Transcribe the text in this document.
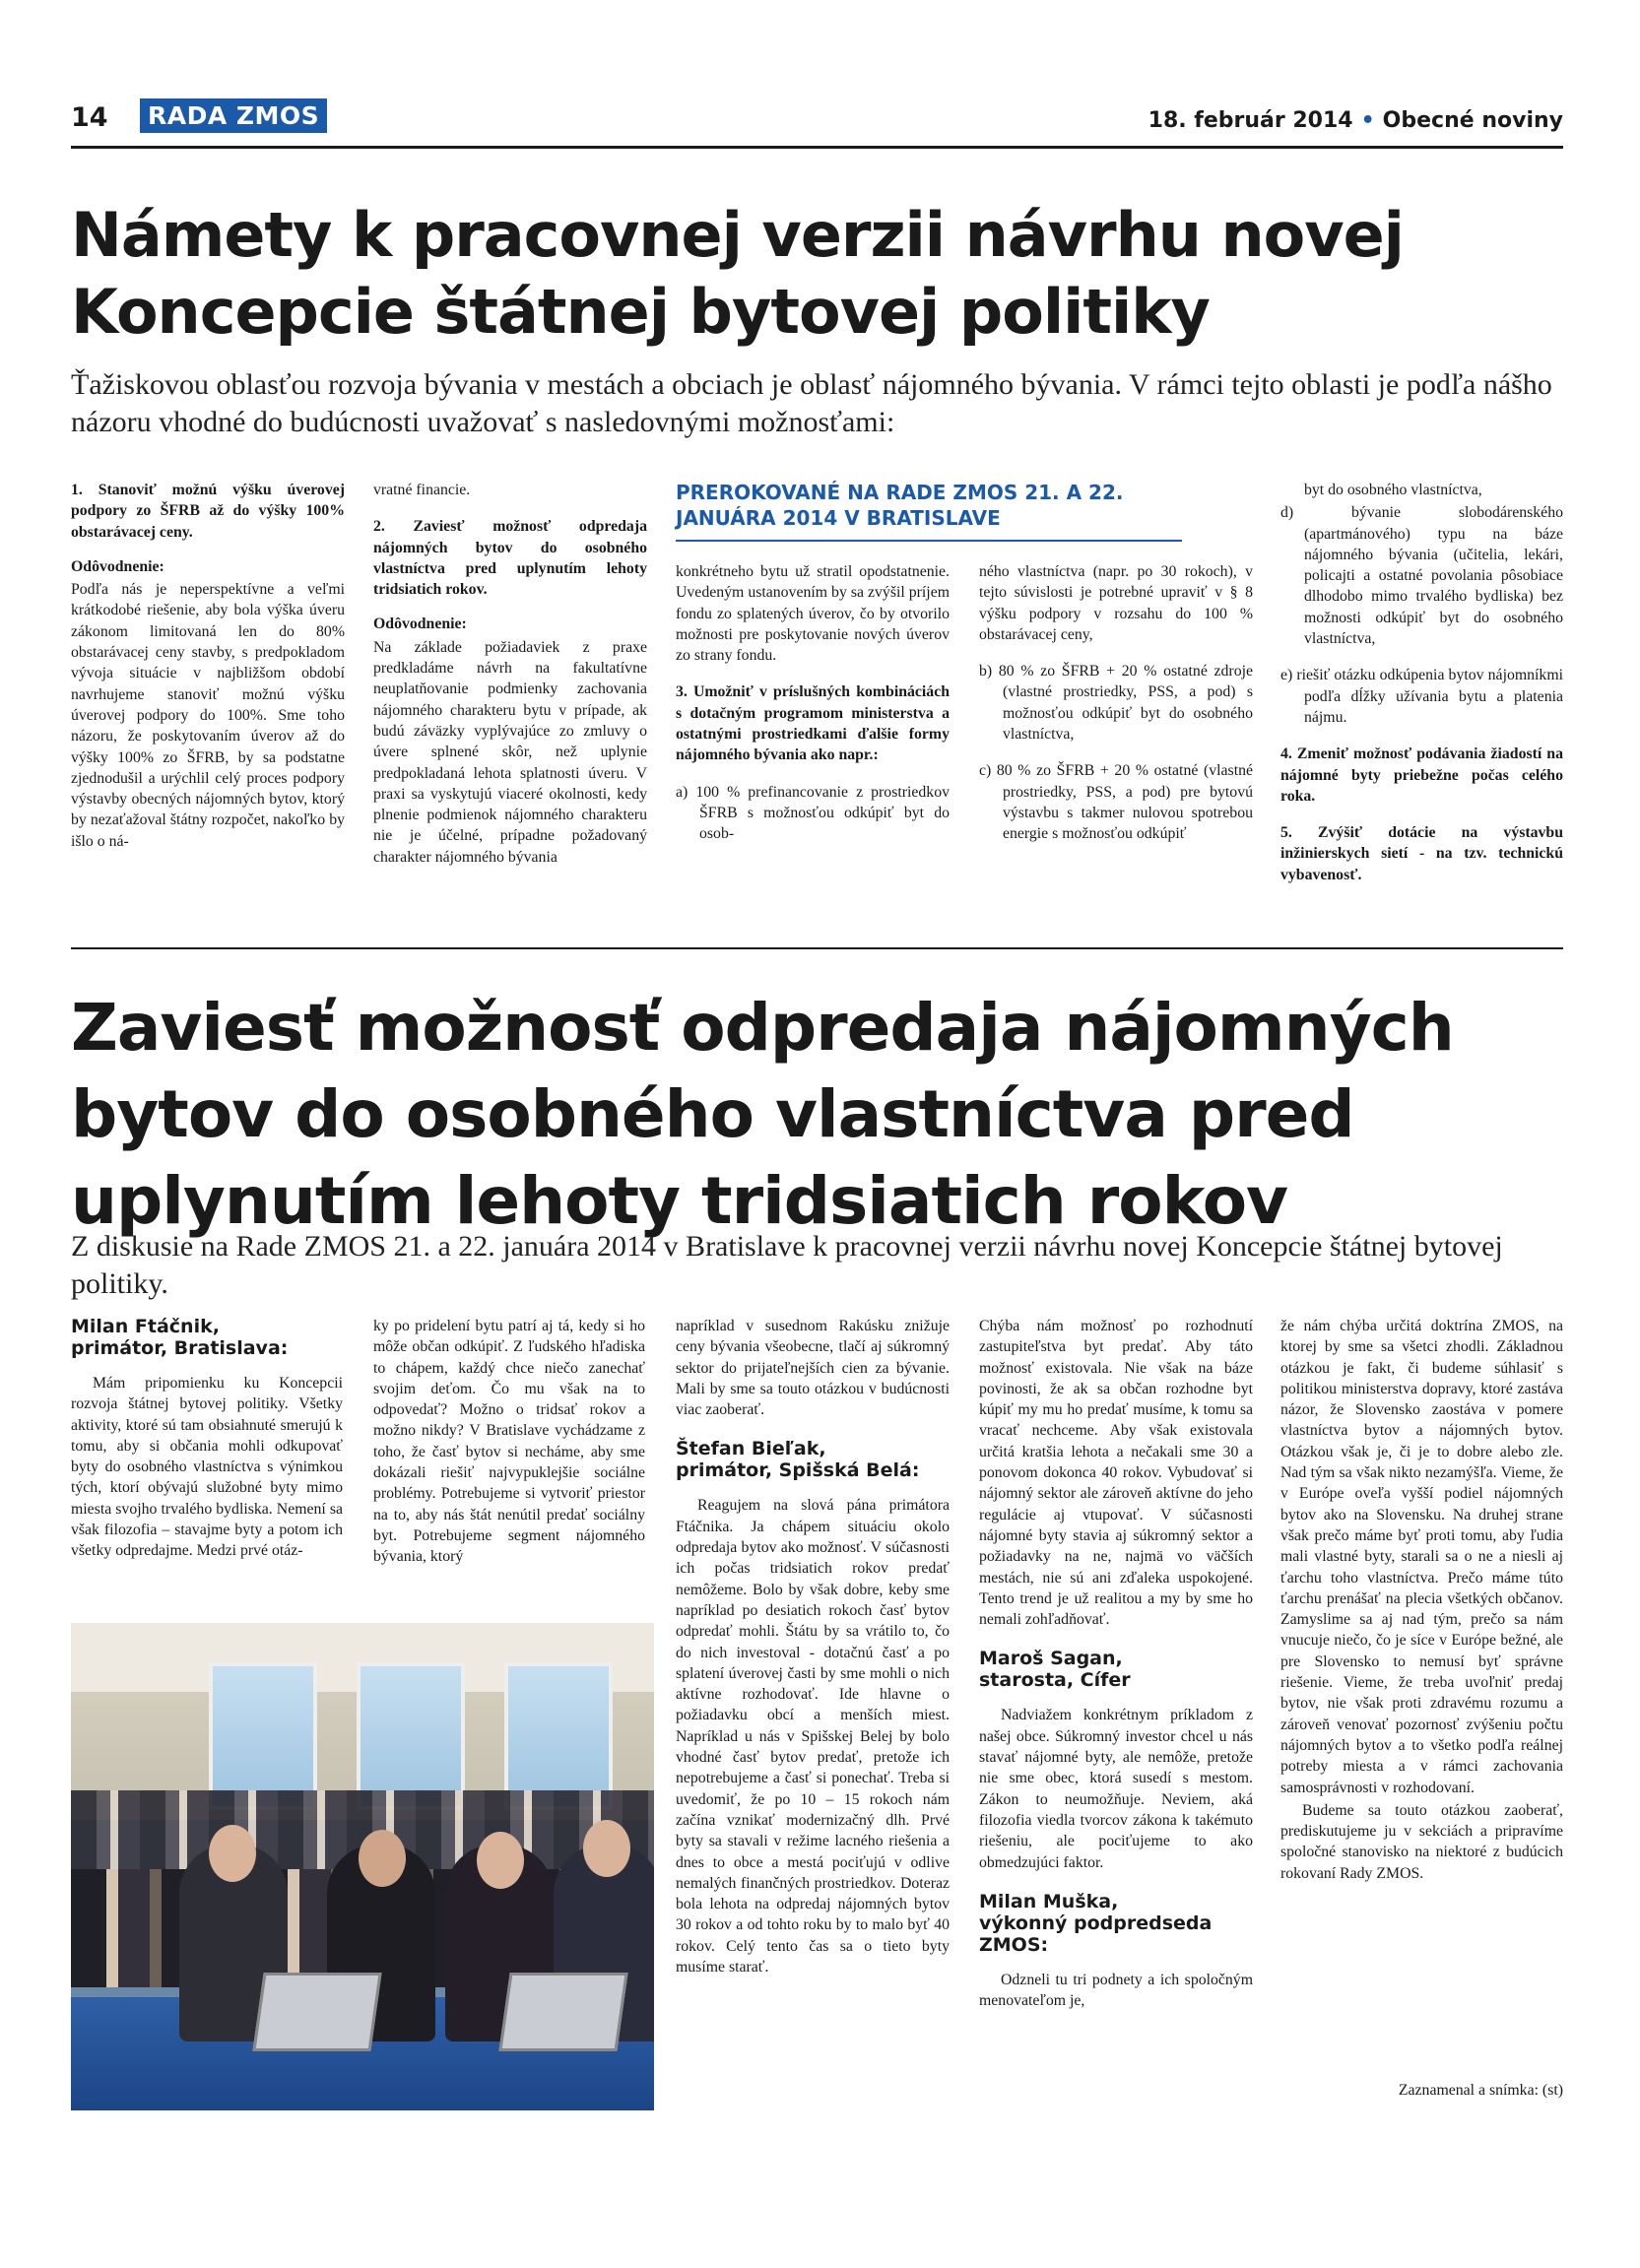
14	RADA ZMOS	18. február 2014 • Obecné noviny
Námety k pracovnej verzii návrhu novej
Koncepcie štátnej bytovej politiky
Ťažiskovou oblasťou rozvoja bývania v mestách a obciach je oblasť nájomného bývania. V rámci tejto oblasti je podľa nášho názoru vhodné do budúcnosti uvažovať s nasledovnými možnosťami:

1. Stanoviť možnú výšku úverovej podpory zo ŠFRB až do výšky 100% obstarávacej ceny.

Odôvodnenie:

Podľa nás je neperspektívne a veľmi krátkodobé riešenie, aby bola výška úveru zákonom limitovaná len do 80% obstarávacej ceny stavby, s predpokladom vývoja situácie v najbližšom období navrhujeme stanoviť možnú výšku úverovej podpory do 100%. Sme toho názoru, že poskytovaním úverov až do výšky 100% zo ŠFRB, by sa podstatne zjednodušil a urýchlil celý proces podpory výstavby obecných nájomných bytov, ktorý by nezaťažoval štátny rozpočet, nakoľko by išlo o ná-

vratné financie.

2. Zaviesť možnosť odpredaja nájomných bytov do osobného vlastníctva pred uplynutím lehoty tridsiatich rokov.

Odôvodnenie:

Na základe požiadaviek z praxe predkladáme návrh na fakultatívne neuplatňovanie podmienky zachovania nájomného charakteru bytu v prípade, ak budú záväzky vyplývajúce zo zmluvy o úvere splnené skôr, než uplynie predpokladaná lehota splatnosti úveru. V praxi sa vyskytujú viaceré okolnosti, kedy plnenie podmienok nájomného charakteru nie je účelné, prípadne požadovaný charakter nájomného bývania

PREROKOVANÉ NA RADE ZMOS 21. A 22. JANUÁRA 2014 V BRATISLAVE

konkrétneho bytu už stratil opodstatnenie. Uvedeným ustanovením by sa zvýšil príjem fondu zo splatených úverov, čo by otvorilo možnosti pre poskytovanie nových úverov zo strany fondu.

3. Umožniť v príslušných kombináciách s dotačným programom ministerstva a ostatnými prostriedkami ďalšie formy nájomného bývania ako napr.:

a) 100 % prefinancovanie z prostriedkov ŠFRB s možnosťou odkúpiť byt do osob-

ného vlastníctva (napr. po 30 rokoch), v tejto súvislosti je potrebné upraviť v § 8 výšku podpory v rozsahu do 100 % obstarávacej ceny,

b) 80 % zo ŠFRB + 20 % ostatné zdroje (vlastné prostriedky, PSS, a pod) s možnosťou odkúpiť byt do osobného vlastníctva,

c) 80 % zo ŠFRB + 20 % ostatné (vlastné prostriedky, PSS, a pod) pre bytovú výstavbu s takmer nulovou spotrebou energie s možnosťou odkúpiť

byt do osobného vlastníctva,

d) bývanie slobodárenského (apartmánového) typu na báze nájomného bývania (učitelia, lekári, policajti a ostatné povolania pôsobiace dlhodobo mimo trvalého bydliska) bez možnosti odkúpiť byt do osobného vlastníctva,

e) riešiť otázku odkúpenia bytov nájomníkmi podľa dĺžky užívania bytu a platenia nájmu.

4. Zmeniť možnosť podávania žiadostí na nájomné byty priebežne počas celého roka.

5. Zvýšiť dotácie na výstavbu inžinierskych sietí - na tzv. technickú vybavenosť.

Zaviesť možnosť odpredaja nájomných
bytov do osobného vlastníctva pred
uplynutím lehoty tridsiatich rokov
Z diskusie na Rade ZMOS 21. a 22. januára 2014 v Bratislave k pracovnej verzii návrhu novej Koncepcie štátnej bytovej politiky.
Milan Ftáčnik,
primátor, Bratislava:

Mám pripomienku ku Koncepcii rozvoja štátnej bytovej politiky. Všetky aktivity, ktoré sú tam obsiahnuté smerujú k tomu, aby si občania mohli odkupovať byty do osobného vlastníctva s výnimkou tých, ktorí obývajú služobné byty mimo miesta svojho trvalého bydliska. Nemení sa však filozofia – stavajme byty a potom ich všetky odpredajme. Medzi prvé otáz-

ky po pridelení bytu patrí aj tá, kedy si ho môže občan odkúpiť. Z ľudského hľadiska to chápem, každý chce niečo zanechať svojim deťom. Čo mu však na to odpovedať? Možno o tridsať rokov a možno nikdy? V Bratislave vychádzame z toho, že časť bytov si necháme, aby sme dokázali riešiť najvypuklejšie sociálne problémy. Potrebujeme si vytvoriť priestor na to, aby nás štát nenútil predať sociálny byt. Potrebujeme segment nájomného bývania, ktorý

napríklad v susednom Rakúsku znižuje ceny bývania všeobecne, tlačí aj súkromný sektor do prijateľnejších cien za bývanie. Mali by sme sa touto otázkou v budúcnosti viac zaoberať.

Štefan Bieľak,
primátor, Spišská Belá:

Reagujem na slová pána primátora Ftáčnika. Ja chápem situáciu okolo odpredaja bytov ako možnosť. V súčasnosti ich počas tridsiatich rokov predať nemôžeme. Bolo by však dobre, keby sme napríklad po desiatich rokoch časť bytov odpredať mohli. Štátu by sa vrátilo to, čo do nich investoval - dotačnú časť a po splatení úverovej časti by sme mohli o nich aktívne rozhodovať. Ide hlavne o požiadavku obcí a menších miest. Napríklad u nás v Spišskej Belej by bolo vhodné časť bytov predať, pretože ich nepotrebujeme a časť si ponechať. Treba si uvedomiť, že po 10 – 15 rokoch nám začína vznikať modernizačný dlh. Prvé byty sa stavali v režime lacného riešenia a dnes to obce a mestá pociťujú v odlive nemalých finančných prostriedkov. Doteraz bola lehota na odpredaj nájomných bytov 30 rokov a od tohto roku by to malo byť 40 rokov. Celý tento čas sa o tieto byty musíme starať.

Chýba nám možnosť po rozhodnutí zastupiteľstva byt predať. Aby táto možnosť existovala. Nie však na báze povinosti, že ak sa občan rozhodne byt kúpiť my mu ho predať musíme, k tomu sa vracať nechceme. Aby však existovala určitá kratšia lehota a nečakali sme 30 a ponovom dokonca 40 rokov. Vybudovať si nájomný sektor ale zároveň aktívne do jeho regulácie aj vtupovať. V súčasnosti nájomné byty stavia aj súkromný sektor a požiadavky na ne, najmä vo väčších mestách, nie sú ani zďaleka uspokojené. Tento trend je už realitou a my by sme ho nemali zohľadňovať.

Maroš Sagan,
starosta, Cífer

Nadviažem konkrétnym príkladom z našej obce. Súkromný investor chcel u nás stavať nájomné byty, ale nemôže, pretože nie sme obec, ktorá susedí s mestom. Zákon to neumožňuje. Neviem, aká filozofia viedla tvorcov zákona k takémuto riešeniu, ale pociťujeme to ako obmedzujúci faktor.

Milan Muška,
výkonný podpredseda ZMOS:

Odzneli tu tri podnety a ich spoločným menovateľom je,

že nám chýba určitá doktrína ZMOS, na ktorej by sme sa všetci zhodli. Základnou otázkou je fakt, či budeme súhlasiť s politikou ministerstva dopravy, ktoré zastáva názor, že Slovensko zaostáva v pomere vlastníctva bytov a nájomných bytov. Otázkou však je, či je to dobre alebo zle. Nad tým sa však nikto nezamýšľa. Vieme, že v Európe oveľa vyšší podiel nájomných bytov ako na Slovensku. Na druhej strane však prečo máme byť proti tomu, aby ľudia mali vlastné byty, starali sa o ne a niesli aj ťarchu toho vlastníctva. Prečo máme túto ťarchu prenášať na plecia všetkých občanov. Zamyslime sa aj nad tým, prečo sa nám vnucuje niečo, čo je síce v Európe bežné, ale pre Slovensko to nemusí byť správne riešenie. Vieme, že treba uvoľniť predaj bytov, nie však proti zdravému rozumu a zároveň venovať pozornosť zvýšeniu počtu nájomných bytov a to všetko podľa reálnej potreby miesta a v rámci zachovania samosprávnosti v rozhodovaní.

Budeme sa touto otázkou zaoberať, prediskutujeme ju v sekciách a pripravíme spoločné stanovisko na niektoré z budúcich rokovaní Rady ZMOS.

Zaznamenal a snímka: (st)
